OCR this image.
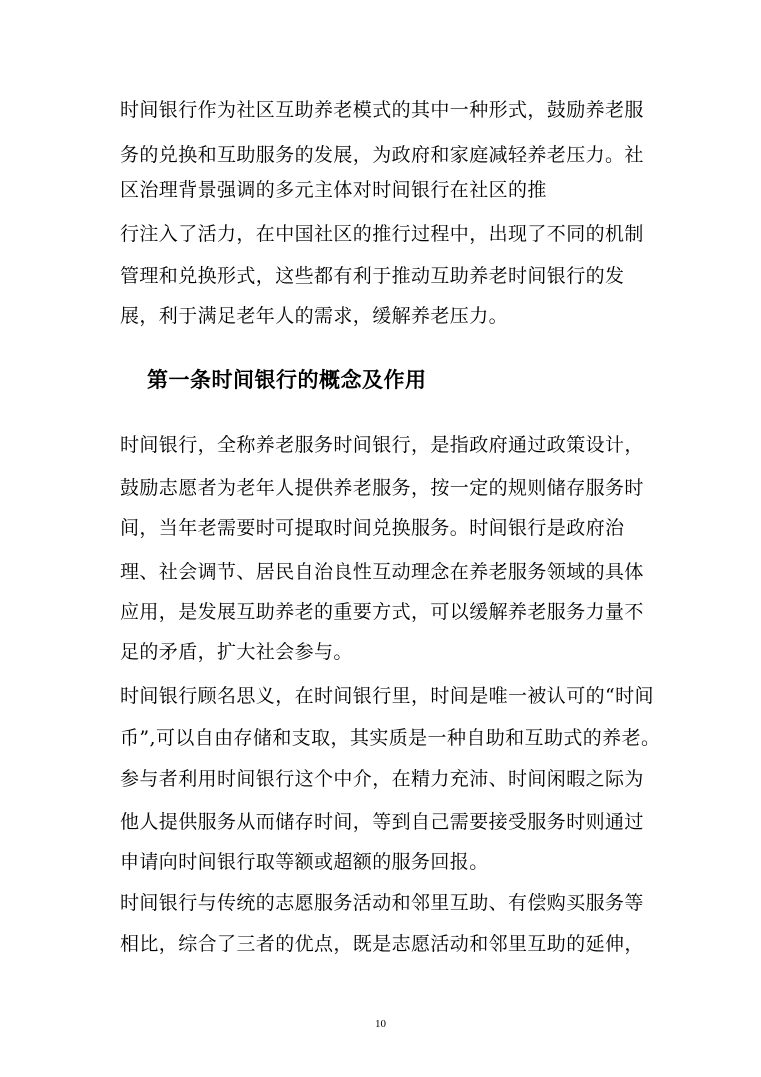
时间银行作为社区互助养老模式的其中一种形式，鼓励养老服
务的兑换和互助服务的发展，为政府和家庭减轻养老压力。社
区治理背景强调的多元主体对时间银行在社区的推
行注入了活力，在中国社区的推行过程中，出现了不同的机制
管理和兑换形式，这些都有利于推动互助养老时间银行的发
展，利于满足老年人的需求，缓解养老压力。
第一条时间银行的概念及作用
时间银行，全称养老服务时间银行，是指政府通过政策设计，
鼓励志愿者为老年人提供养老服务，按一定的规则储存服务时
间，当年老需要时可提取时间兑换服务。时间银行是政府治
理、社会调节、居民自治良性互动理念在养老服务领域的具体
应用，是发展互助养老的重要方式，可以缓解养老服务力量不
足的矛盾，扩大社会参与。
时间银行顾名思义，在时间银行里，时间是唯一被认可的“时间
币”,可以自由存储和支取，其实质是一种自助和互助式的养老。
参与者利用时间银行这个中介，在精力充沛、时间闲暇之际为
他人提供服务从而储存时间，等到自己需要接受服务时则通过
申请向时间银行取等额或超额的服务回报。
时间银行与传统的志愿服务活动和邻里互助、有偿购买服务等
相比，综合了三者的优点，既是志愿活动和邻里互助的延伸，
10
